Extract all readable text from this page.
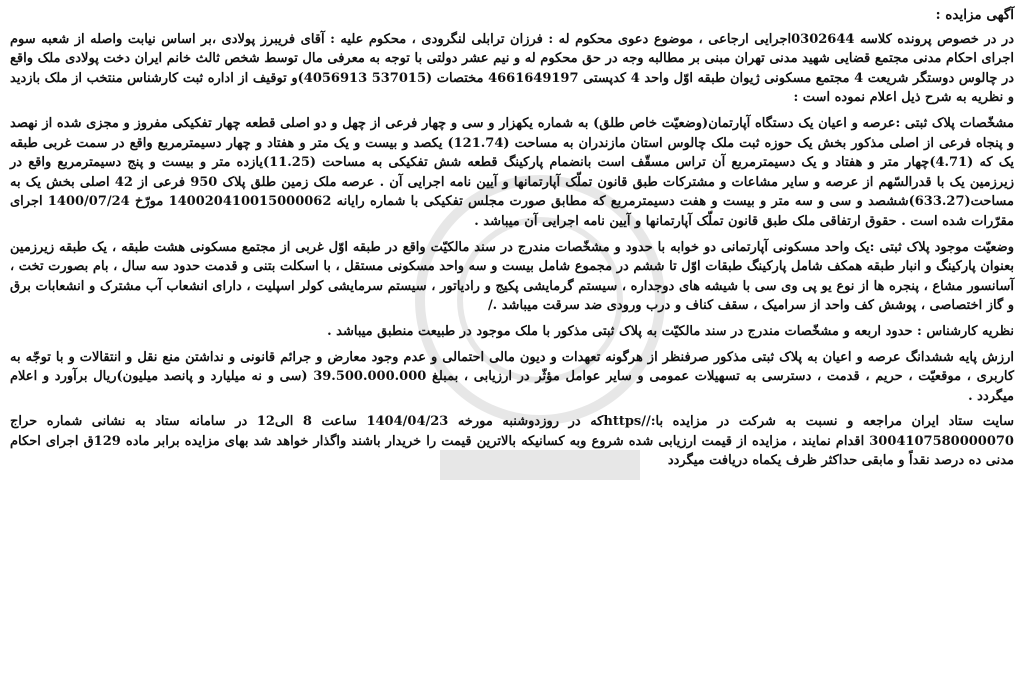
آگهی مزایده :

در در خصوص پرونده کلاسه 0302644اجرایی ارجاعی ، موضوع دعوی محکوم له : فرزان ترابلی لنگرودی ، محکوم علیه : آقای فریبرز پولادی ،بر اساس نیابت واصله از شعبه سوم اجرای احکام مدنی مجتمع قضایی شهید مدنی تهران مبنی بر مطالبه وجه در حق محکوم له و نیم عشر دولتی با توجه به معرفی مال توسط شخص ثالث خانم ایران دخت پولادی ملک واقع در چالوس دوستگر شریعت 4 مجتمع مسکونی ژیوان طبقه اوّل واحد 4 کدپستی 4661649197 مختصات (537015 4056913)و توقیف از اداره ثبت کارشناس منتخب از ملک بازدید و نظریه به شرح ذیل اعلام نموده است :

مشخّصات پلاک ثبتی :عرصه و اعیان یک دستگاه آپارتمان(وضعیّت خاص طلق) به شماره یکهزار و سی و چهار فرعی از چهل و دو اصلی قطعه چهار تفکیکی مفروز و مجزی شده از نهصد و پنجاه فرعی از اصلی مذکور بخش یک حوزه ثبت ملک چالوس استان مازندران به مساحت (121.74) یکصد و بیست و یک متر و هفتاد و چهار دسیمترمربع واقع در سمت غربی طبقه یک که (4.71)چهار متر و هفتاد و یک دسیمترمربع آن تراس مسقّف است بانضمام پارکینگ قطعه شش تفکیکی به مساحت (11.25)یازده متر و بیست و پنج دسیمترمربع واقع در زیرزمین یک با قدرالسّهم از عرصه و سایر مشاعات و مشترکات طبق قانون تملّک آپارتمانها و آیین نامه اجرایی آن . عرصه ملک زمین طلق پلاک 950 فرعی از 42 اصلی بخش یک به مساحت(633.27)ششصد و سی و سه متر و بیست و هفت دسیمترمربع که مطابق صورت مجلس تفکیکی با شماره رایانه 140020410015000062 مورّخ 1400/07/24 اجرای مقرّرات شده است . حقوق ارتفاقی ملک طبق قانون تملّک آپارتمانها و آیین نامه اجرایی آن میباشد .

وضعیّت موجود پلاک ثبتی :یک واحد مسکونی آپارتمانی دو خوابه با حدود و مشخّصات مندرج در سند مالکیّت واقع در طبقه اوّل غربی از مجتمع مسکونی هشت طبقه ، یک طبقه زیرزمین بعنوان پارکینگ و انبار طبقه همکف شامل پارکینگ طبقات اوّل تا ششم در مجموع شامل بیست و سه واحد مسکونی مستقل ، با اسکلت بتنی و قدمت حدود سه سال ، بام بصورت تخت ، آسانسور مشاع ، پنجره ها از نوع یو پی وی سی با شیشه های دوجداره ، سیستم گرمایشی پکیج و رادیاتور ، سیستم سرمایشی کولر اسپلیت ، دارای انشعاب آب مشترک و انشعابات برق و گاز اختصاصی ، پوشش کف واحد از سرامیک ، سقف کناف و درب ورودی ضد سرقت میباشد ./

نظریه کارشناس : حدود اربعه و مشخّصات مندرج در سند مالکیّت به پلاک ثبتی مذکور با ملک موجود در طبیعت منطبق میباشد .

ارزش پایه ششدانگ عرصه و اعیان به پلاک ثبتی مذکور صرفنظر از هرگونه تعهدات و دیون مالی احتمالی و عدم وجود معارض و جرائم قانونی و نداشتن منع نقل و انتقالات و با توجّه به کاربری ، موقعیّت ، حریم ، قدمت ، دسترسی به تسهیلات عمومی و سایر عوامل مؤثّر در ارزیابی ، بمبلغ 39.500.000.000 (سی و نه میلیارد و پانصد میلیون)ریال برآورد و اعلام میگردد .

سایت ستاد ایران مراجعه و نسبت به شرکت در مزایده با://httpsکه در روزدوشنبه مورخه 1404/04/23 ساعت 8 الی12 در سامانه ستاد به نشانی شماره حراج 3004107580000070 اقدام نمایند ، مزایده از قیمت ارزیابی شده شروع وبه کسانیکه بالاترین قیمت را خریدار باشند واگذار خواهد شد بهای مزایده برابر ماده 129ق اجرای احکام مدنی ده درصد نقداً و مابقی حداکثر ظرف یکماه دریافت میگردد
